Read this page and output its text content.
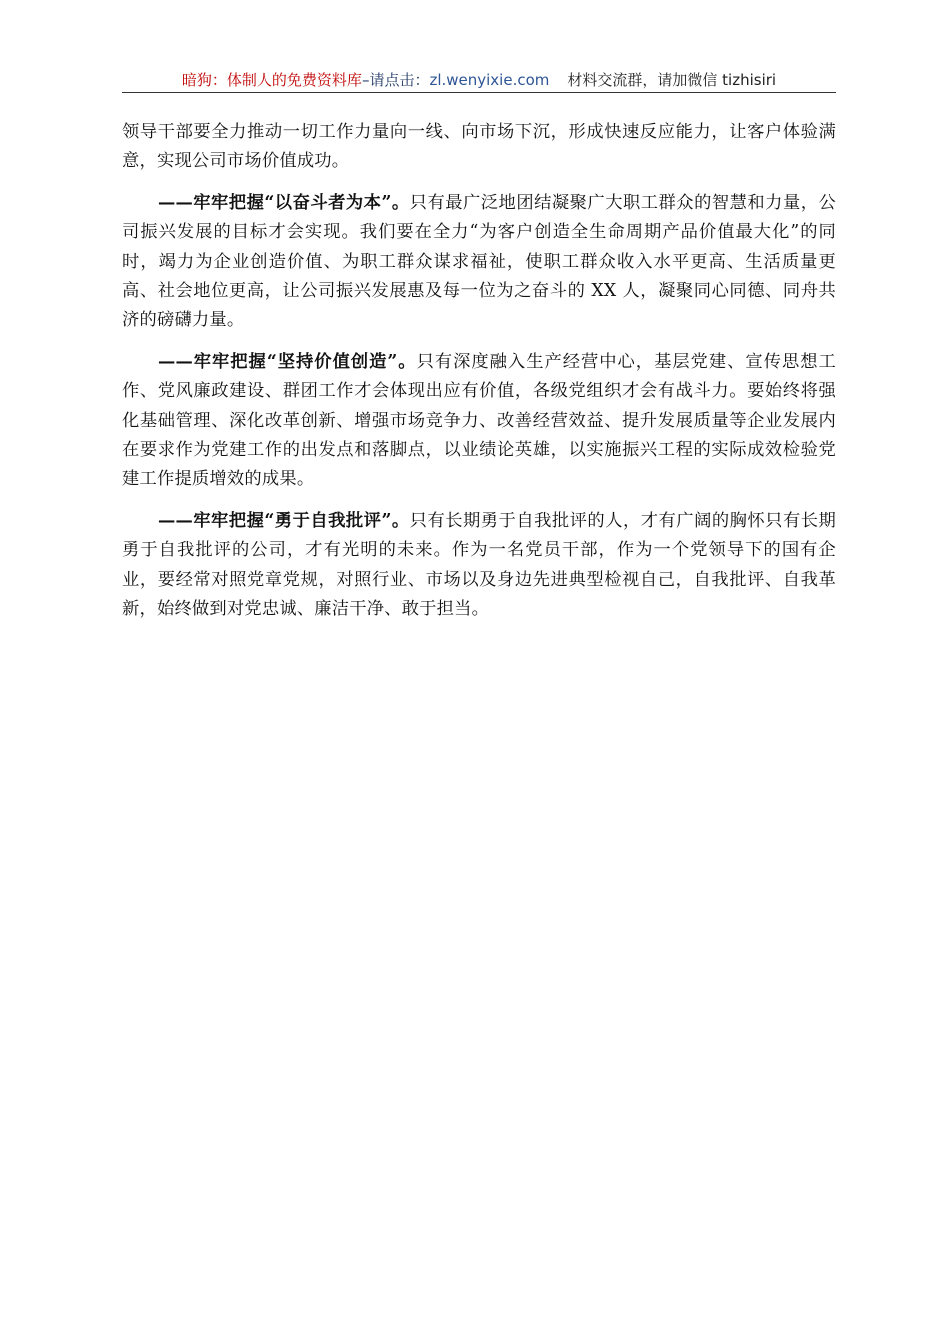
暗狗：体制人的免费资料库–请点击：zl.wenyixie.com 材料交流群，请加微信 tizhisiri

领导干部要全力推动一切工作力量向一线、向市场下沉，形成快速反应能力，让客户体验满意，实现公司市场价值成功。

——牢牢把握“以奋斗者为本”。只有最广泛地团结凝聚广大职工群众的智慧和力量，公司振兴发展的目标才会实现。我们要在全力“为客户创造全生命周期产品价值最大化”的同时，竭力为企业创造价值、为职工群众谋求福祉，使职工群众收入水平更高、生活质量更高、社会地位更高，让公司振兴发展惠及每一位为之奋斗的 XX 人，凝聚同心同德、同舟共济的磅礴力量。

——牢牢把握“坚持价值创造”。只有深度融入生产经营中心，基层党建、宣传思想工作、党风廉政建设、群团工作才会体现出应有价值，各级党组织才会有战斗力。要始终将强化基础管理、深化改革创新、增强市场竞争力、改善经营效益、提升发展质量等企业发展内在要求作为党建工作的出发点和落脚点，以业绩论英雄，以实施振兴工程的实际成效检验党建工作提质增效的成果。

——牢牢把握“勇于自我批评”。只有长期勇于自我批评的人，才有广阔的胸怀只有长期勇于自我批评的公司，才有光明的未来。作为一名党员干部，作为一个党领导下的国有企业，要经常对照党章党规，对照行业、市场以及身边先进典型检视自己，自我批评、自我革新，始终做到对党忠诚、廉洁干净、敢于担当。
